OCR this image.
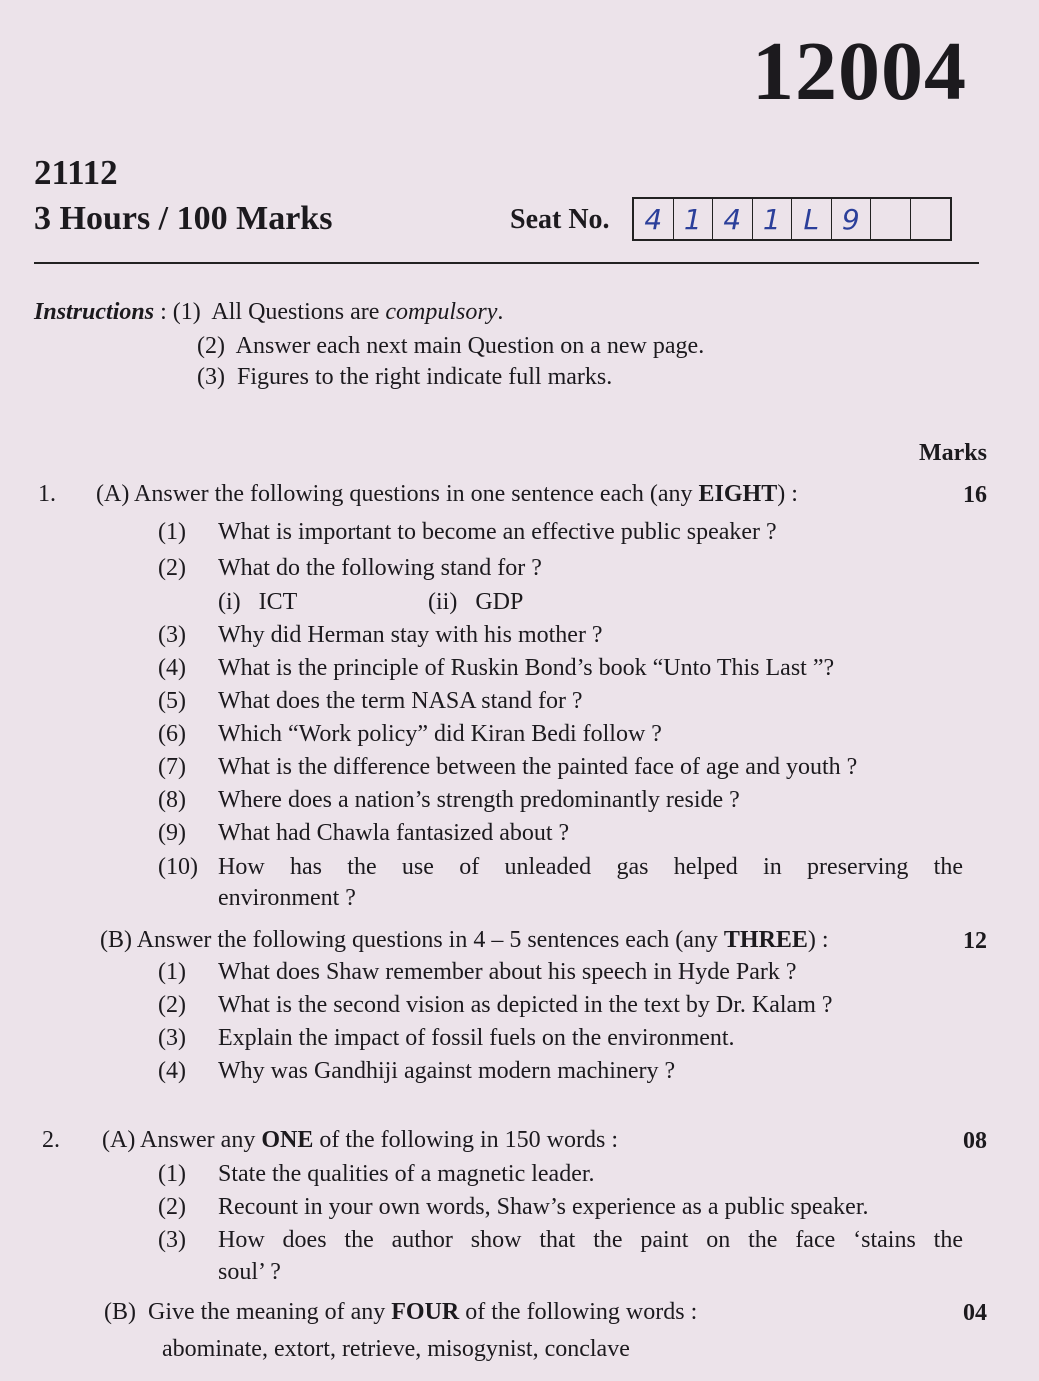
12004
21112
3 Hours / 100 Marks	Seat No.	4 1 4 1 L 9
Instructions : (1) All Questions are compulsory.
(2) Answer each next main Question on a new page.
(3) Figures to the right indicate full marks.
Marks
1. (A) Answer the following questions in one sentence each (any EIGHT) :	16
(1) What is important to become an effective public speaker ?
(2) What do the following stand for ?
(i) ICT	(ii) GDP
(3) Why did Herman stay with his mother ?
(4) What is the principle of Ruskin Bond’s book “Unto This Last ”?
(5) What does the term NASA stand for ?
(6) Which “Work policy” did Kiran Bedi follow ?
(7) What is the difference between the painted face of age and youth ?
(8) Where does a nation’s strength predominantly reside ?
(9) What had Chawla fantasized about ?
(10) How has the use of unleaded gas helped in preserving the
environment ?
(B) Answer the following questions in 4 – 5 sentences each (any THREE) :	12
(1) What does Shaw remember about his speech in Hyde Park ?
(2) What is the second vision as depicted in the text by Dr. Kalam ?
(3) Explain the impact of fossil fuels on the environment.
(4) Why was Gandhiji against modern machinery ?
2. (A) Answer any ONE of the following in 150 words :	08
(1) State the qualities of a magnetic leader.
(2) Recount in your own words, Shaw’s experience as a public speaker.
(3) How does the author show that the paint on the face ‘stains the
soul’ ?
(B) Give the meaning of any FOUR of the following words :	04
abominate, extort, retrieve, misogynist, conclave
